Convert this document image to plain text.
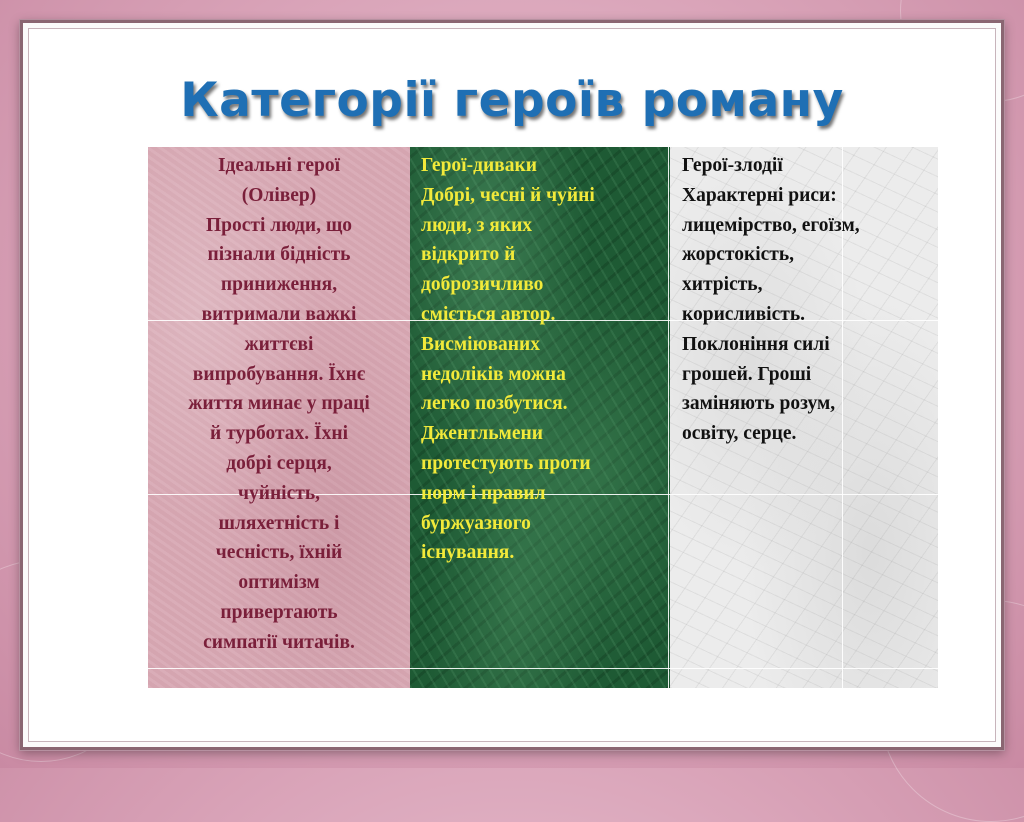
Категорії героїв роману
Ідеальні герої
(Олівер)
Прості люди, що
пізнали бідність
приниження,
витримали важкі
життєві
випробування. Їхнє
життя минає у праці
й турботах. Їхні
добрі серця,
чуйність,
шляхетність і
чесність, їхній
оптимізм
привертають
симпатії читачів.
Герої-диваки
Добрі, чесні й чуйні
люди, з яких
відкрито й
доброзичливо
сміється автор.
Висміюваних
недоліків можна
легко позбутися.
Джентльмени
протестують проти
норм і правил
буржуазного
існування.
Герої-злодії
Характерні риси:
лицемірство, егоїзм,
жорстокість,
хитрість,
корисливість.
Поклоніння силі
грошей. Гроші
заміняють розум,
освіту, серце.
